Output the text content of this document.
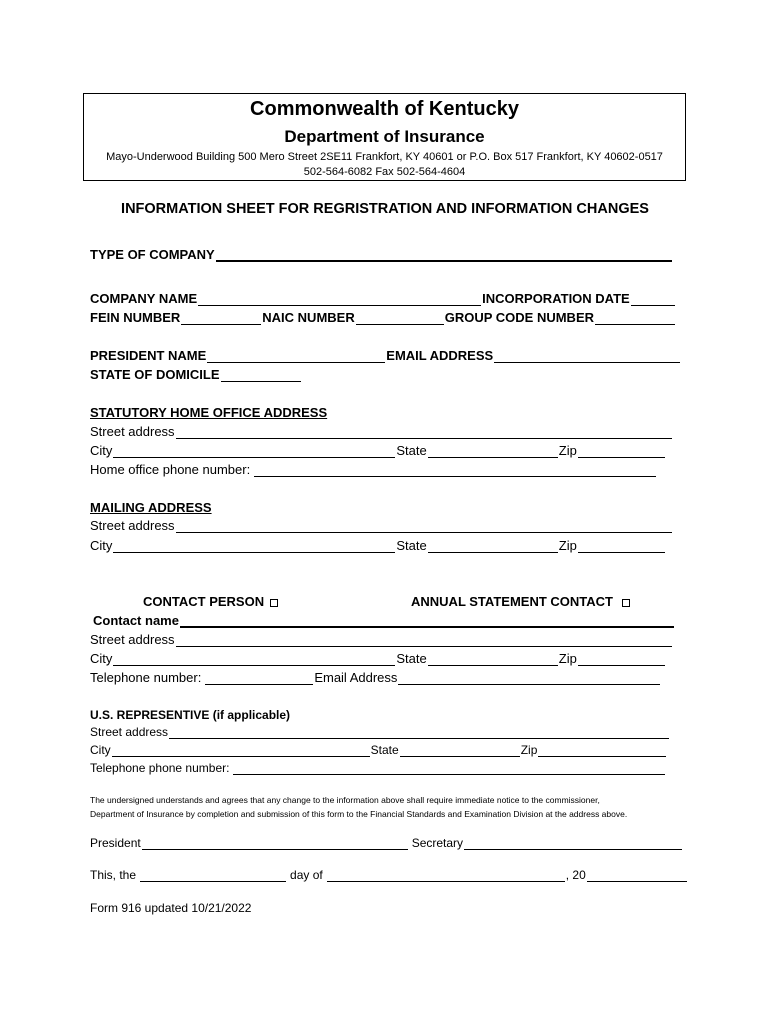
Commonwealth of Kentucky
Department of Insurance
Mayo-Underwood Building 500 Mero Street 2SE11 Frankfort, KY 40601 or P.O. Box 517 Frankfort, KY 40602-0517
502-564-6082 Fax 502-564-4604
INFORMATION SHEET FOR REGRISTRATION AND INFORMATION CHANGES
TYPE OF COMPANY
COMPANY NAME	INCORPORATION DATE
FEIN NUMBER	NAIC NUMBER	GROUP CODE NUMBER
PRESIDENT NAME	EMAIL ADDRESS
STATE OF DOMICILE
STATUTORY HOME OFFICE ADDRESS
Street address
City	State	Zip
Home office phone number:
MAILING ADDRESS
Street address
City	State	Zip
CONTACT PERSON	ANNUAL STATEMENT CONTACT
Contact name
Street address
City	State	Zip
Telephone number:	Email Address
U.S. REPRESENTIVE (if applicable)
Street address
City	State	Zip
Telephone phone number:
The undersigned understands and agrees that any change to the information above shall require immediate notice to the commissioner,
Department of Insurance by completion and submission of this form to the Financial Standards and Examination Division at the address above.
President	Secretary
This, the	day of	, 20
Form 916 updated 10/21/2022
